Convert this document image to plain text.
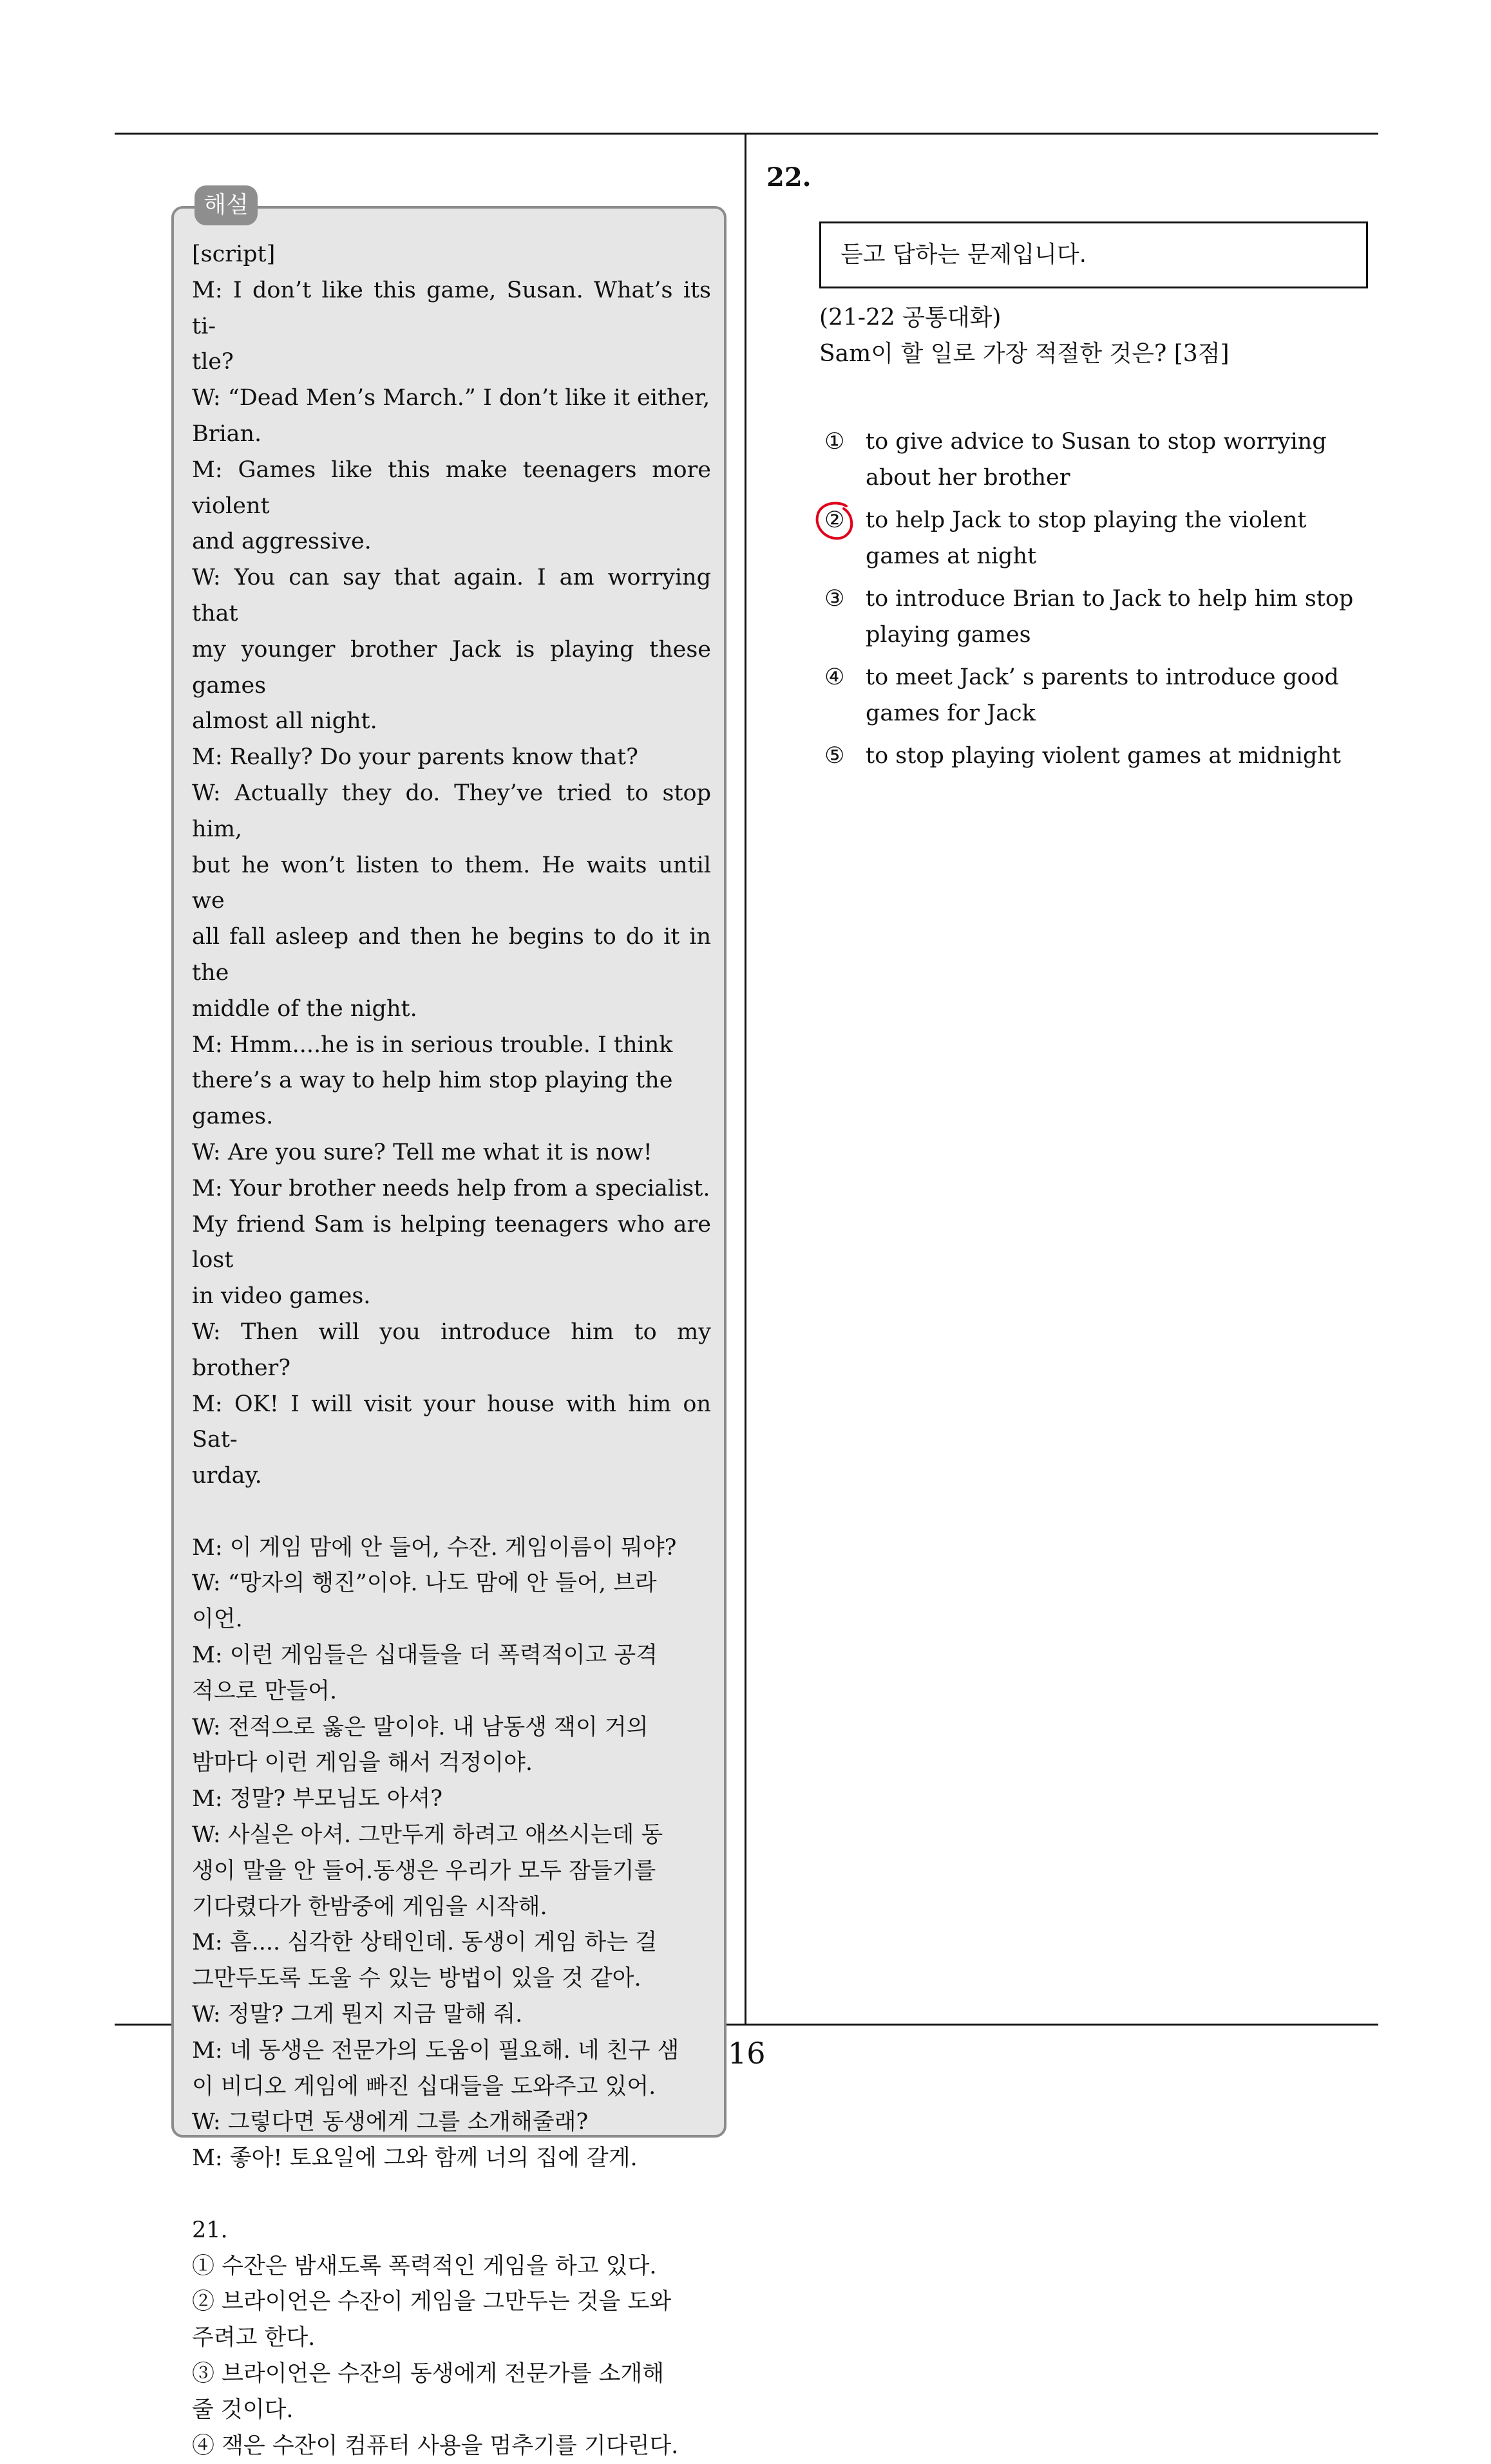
해설
[script]
M: I don’t like this game, Susan. What’s its ti-
tle?
W: “Dead Men’s March.” I don’t like it either,
Brian.
M: Games like this make teenagers more violent
and aggressive.
W: You can say that again. I am worrying that
my younger brother Jack is playing these games
almost all night.
M: Really? Do your parents know that?
W: Actually they do. They’ve tried to stop him,
but he won’t listen to them. He waits until we
all fall asleep and then he begins to do it in the
middle of the night.
M: Hmm....he is in serious trouble. I think
there’s a way to help him stop playing the
games.
W: Are you sure? Tell me what it is now!
M: Your brother needs help from a specialist.
My friend Sam is helping teenagers who are lost
in video games.
W: Then will you introduce him to my brother?
M: OK! I will visit your house with him on Sat-
urday.
M: 이 게임 맘에 안 들어, 수잔. 게임이름이 뭐야?
W: “망자의 행진”이야. 나도 맘에 안 들어, 브라
이언.
M: 이런 게임들은 십대들을 더 폭력적이고 공격
적으로 만들어.
W: 전적으로 옳은 말이야. 내 남동생 잭이 거의
밤마다 이런 게임을 해서 걱정이야.
M: 정말? 부모님도 아셔?
W: 사실은 아셔. 그만두게 하려고 애쓰시는데 동
생이 말을 안 들어.동생은 우리가 모두 잠들기를
기다렸다가 한밤중에 게임을 시작해.
M: 흠.... 심각한 상태인데. 동생이 게임 하는 걸
그만두도록 도울 수 있는 방법이 있을 것 같아.
W: 정말? 그게 뭔지 지금 말해 줘.
M: 네 동생은 전문가의 도움이 필요해. 네 친구 샘
이 비디오 게임에 빠진 십대들을 도와주고 있어.
W: 그렇다면 동생에게 그를 소개해줄래?
M: 좋아! 토요일에 그와 함께 너의 집에 갈게.
21.
① 수잔은 밤새도록 폭력적인 게임을 하고 있다.
② 브라이언은 수잔이 게임을 그만두는 것을 도와
주려고 한다.
③ 브라이언은 수잔의 동생에게 전문가를 소개해
줄 것이다.
④ 잭은 수잔이 컴퓨터 사용을 멈추기를 기다린다.
22.
듣고 답하는 문제입니다.
(21-22 공통대화)
Sam이 할 일로 가장 적절한 것은? [3점]
① to give advice to Susan to stop worrying
about her brother
② to help Jack to stop playing the violent
games at night
③ to introduce Brian to Jack to help him stop
playing games
④ to meet Jack’ s parents to introduce good
games for Jack
⑤ to stop playing violent games at midnight
16
